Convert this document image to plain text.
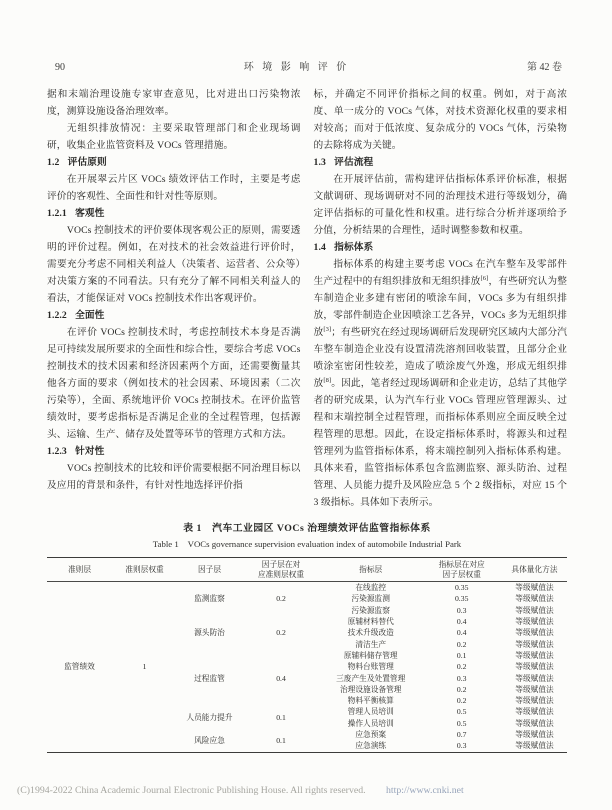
90	环 境 影 响 评 价	第 42 卷
据和末端治理设施专家审查意见，比对进出口污染物浓度，测算设施设备治理效率。
无组织排放情况：主要采取管理部门和企业现场调研，收集企业监管资料及 VOCs 管理措施。
1.2 评估原则
在开展翠云片区 VOCs 绩效评估工作时，主要是考虑评价的客观性、全面性和针对性等原则。
1.2.1 客观性
VOCs 控制技术的评价要体现客观公正的原则，需要透明的评价过程。例如，在对技术的社会效益进行评价时，需要充分考虑不同相关利益人（决策者、运营者、公众等）对决策方案的不同看法。只有充分了解不同相关利益人的看法，才能保证对 VOCs 控制技术作出客观评价。
1.2.2 全面性
在评价 VOCs 控制技术时，考虑控制技术本身是否满足可持续发展所要求的全面性和综合性，要综合考虑 VOCs 控制技术的技术因素和经济因素两个方面，还需要衡量其他各方面的要求（例如技术的社会因素、环境因素（二次污染等），全面、系统地评价 VOCs 控制技术。在评价监管绩效时，要考虑指标是否满足企业的全过程管理，包括源头、运输、生产、储存及处置等环节的管理方式和方法。
1.2.3 针对性
VOCs 控制技术的比较和评价需要根据不同治理目标以及应用的背景和条件，有针对性地选择评价指
标，并确定不同评价指标之间的权重。例如，对于高浓度、单一成分的 VOCs 气体，对技术资源化权重的要求相对较高；而对于低浓度、复杂成分的 VOCs 气体，污染物的去除将成为关键。
1.3 评估流程
在开展评估前，需构建评估指标体系评价标准，根据文献调研、现场调研对不同的治理技术进行等级划分，确定评估指标的可量化性和权重。进行综合分析并逐项给予分值，分析结果的合理性，适时调整参数和权重。
1.4 指标体系
指标体系的构建主要考虑 VOCs 在汽车整车及零部件生产过程中的有组织排放和无组织排放[6]，有些研究认为整车制造企业多建有密闭的喷涂车间，VOCs 多为有组织排放，零部件制造企业因喷涂工艺各异，VOCs 多为无组织排放[3]；有些研究在经过现场调研后发现研究区域内大部分汽车整车制造企业没有设置清洗溶剂回收装置，且部分企业喷涂室密闭性较差，造成了喷涂废气外逸，形成无组织排放[8]。因此，笔者经过现场调研和企业走访，总结了其他学者的研究成果，认为汽车行业 VOCs 管理应管理源头、过程和末端控制全过程管理，而指标体系则应全面反映全过程管理的思想。因此，在设定指标体系时，将源头和过程管理列为监管指标体系，将末端控制列入指标体系构建。具体来看，监管指标体系包含监测监察、源头防治、过程管理、人员能力提升及风险应急 5 个 2 级指标，对应 15 个 3 级指标。具体如下表所示。
表 1　汽车工业园区 VOCs 治理绩效评估监管指标体系
Table 1　VOCs governance supervision evaluation index of automobile Industrial Park
准则层	准则层权重	因子层	因子层在对
应准则层权重	指标层	指标层在对应
因子层权重	具体量化方法
监管绩效	1	监测监察	0.2	在线监控	0.35	等级赋值法
				污染源监测	0.35	等级赋值法
				污染源监察	0.3	等级赋值法
		源头防治	0.2	原辅材料替代	0.4	等级赋值法
				技术升级改造	0.4	等级赋值法
				清洁生产	0.2	等级赋值法
		过程监管	0.4	原辅料储存管理	0.1	等级赋值法
				物料台账管理	0.2	等级赋值法
				三废产生及处置管理	0.3	等级赋值法
				治理设施设备管理	0.2	等级赋值法
				物料平衡核算	0.2	等级赋值法
		人员能力提升	0.1	管理人员培训	0.5	等级赋值法
				操作人员培训	0.5	等级赋值法
		风险应急	0.1	应急预案	0.7	等级赋值法
				应急演练	0.3	等级赋值法
(C)1994-2022 China Academic Journal Electronic Publishing House. All rights reserved. http://www.cnki.net
